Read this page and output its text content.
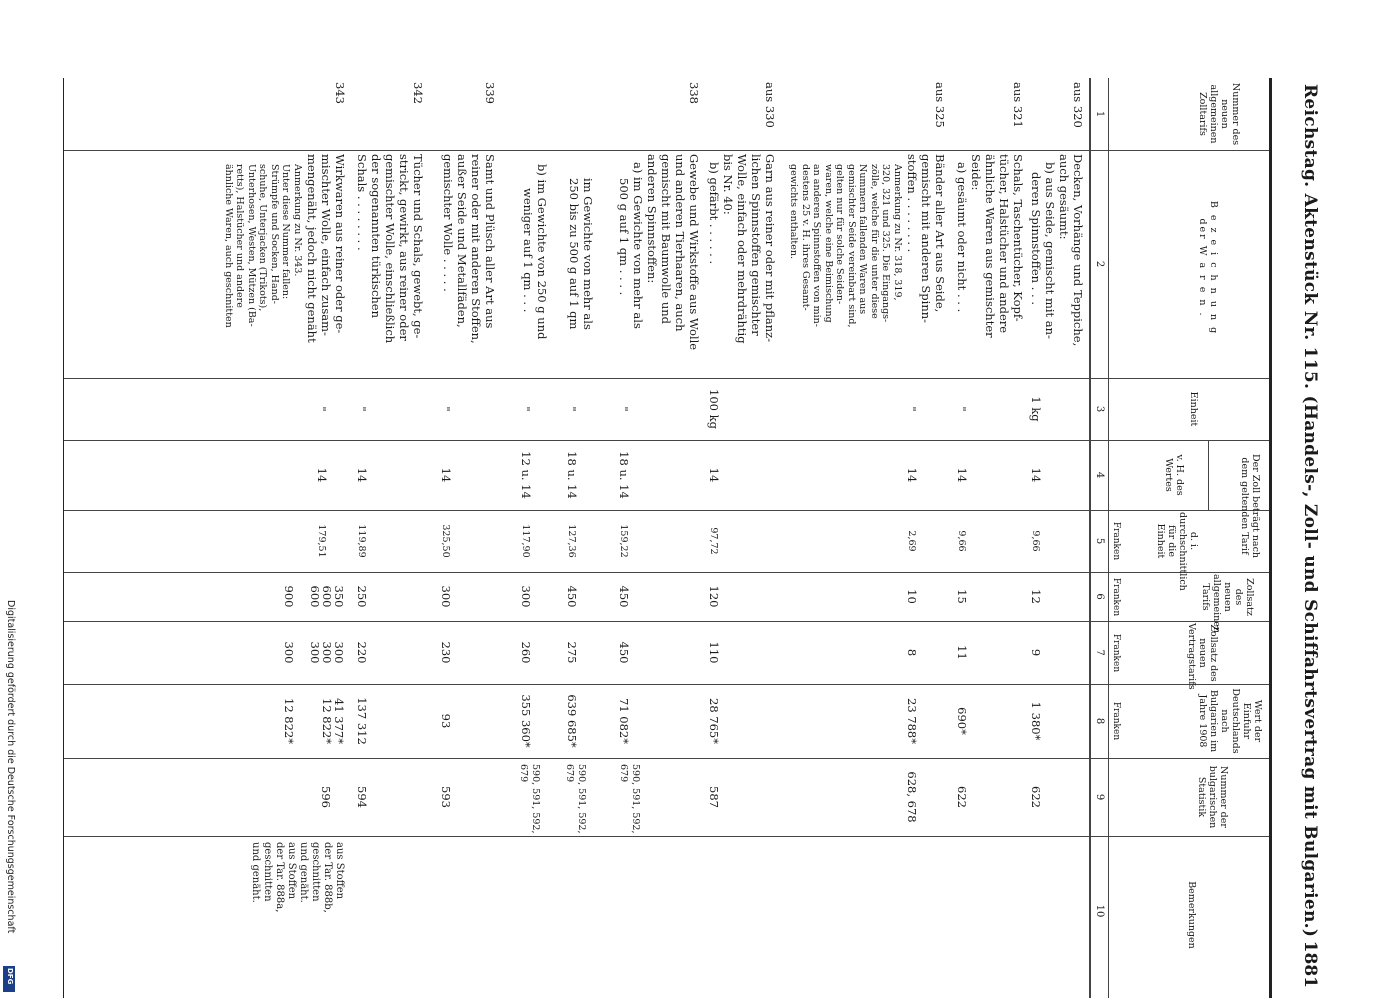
Reichstag. Aktenstück Nr. 115. (Handels-, Zoll- und Schiffahrtsvertrag mit Bulgarien.)
1881
Nummer des neuen allgemeinen Zolltarifs
B e z e i c h n u n g der W a r e n .
Einheit
Der Zoll beträgt nach dem geltenden Tarif
v. H. des Wertes
d. i. durchschnittlich für die Einheit
Franken
Zollsatz des neuen allgemeinen Tarifs
Franken
Zollsatz des neuen Vertragstarifs
Franken
Wert der Einfuhr Deutschlands nach Bulgarien im Jahre 1908
Franken
Nummer der bulgarischen Statistik
Bemerkungen
1
2
3
4
5
6
7
8
9
10
aus 320
Decken, Vorhänge und Teppiche,
auch gesäumt:
b) aus Seide, gemischt mit an-
deren Spinnstoffen . . .
1 kg
14
9,66
12
9
1 380*
622
aus 321
Schals, Taschentücher, Kopf-
tücher, Halstücher und andere
ähnliche Waren aus gemischter
Seide:
a) gesäumt oder nicht . . .
"
14
9,66
15
11
690*
622
aus 325
Bänder aller Art aus Seide,
gemischt mit anderen Spinn-
stoffen . . . . . . . .
Anmerkung zu Nr. 318, 319,
320, 321 und 325. Die Eingangs-
zölle, welche für die unter diese
Nummern fallenden Waren aus
gemischter Seide vereinbart sind,
gelten nur für solche Seiden-
waren, welche eine Beimischung
an anderen Spinnstoffen von min-
destens 25 v. H. ihres Gesamt-
gewichts enthalten.
"
14
2,69
10
8
23 788*
628, 678
aus 330
Garn aus reiner oder mit pflanz-
lichen Spinnstoffen gemischter
Wolle, einfach oder mehrdrähtig
bis Nr. 40:
b) gefärbt . . . . . .
100 kg
14
97,72
120
110
28 765*
587
338
Gewebe und Wirkstoffe aus Wolle
und anderen Tierhaaren, auch
gemischt mit Baumwolle und
anderen Spinnstoffen:
a) im Gewichte von mehr als
500 g auf 1 qm . . . .
"
18 u. 14
159,22
450
450
71 082*
590, 591, 592, 679
im Gewichte von mehr als
250 bis zu 500 g auf 1 qm
"
18 u. 14
127,36
450
275
639 685*
590, 591, 592, 679
b) im Gewichte von 250 g und
weniger auf 1 qm . . .
"
12 u. 14
117,90
300
260
355 360*
590, 591, 592, 679
339
Samt und Plüsch aller Art aus
reiner oder mit anderen Stoffen,
außer Seide und Metallfäden,
gemischter Wolle . . . . .
"
14
325,50
300
230
93
593
342
Tücher und Schals, gewebt, ge-
strickt, gewirkt, aus reiner oder
gemischter Wolle, einschließlich
der sogenannten türkischen
Schals . . . . . . . .
"
14
119,89
250
220
137 312
594
343
Wirkwaren aus reiner oder ge-
mischter Wolle, einfach zusam-
mengenäht, jedoch nicht genäht
Anmerkung zu Nr. 343.
Unter diese Nummer fallen:
Strümpfe und Socken, Hand-
schuhe, Unterjacken (Trikots),
Unterhosen, Westen, Mützen (Ba-
retts), Halstücher und andere
ähnliche Waren, auch geschnitten
"
14
179,51
350
600
600
900
300
300
300
300
41 377*
12 822*
12 822*
596
aus Stoffen
der Tar. 888b,
geschnitten
und genäht.
aus Stoffen
der Tar. 888a,
geschnitten
und genäht.
Digitalisierung gefördert durch die Deutsche Forschungsgemeinschaft
DFG
